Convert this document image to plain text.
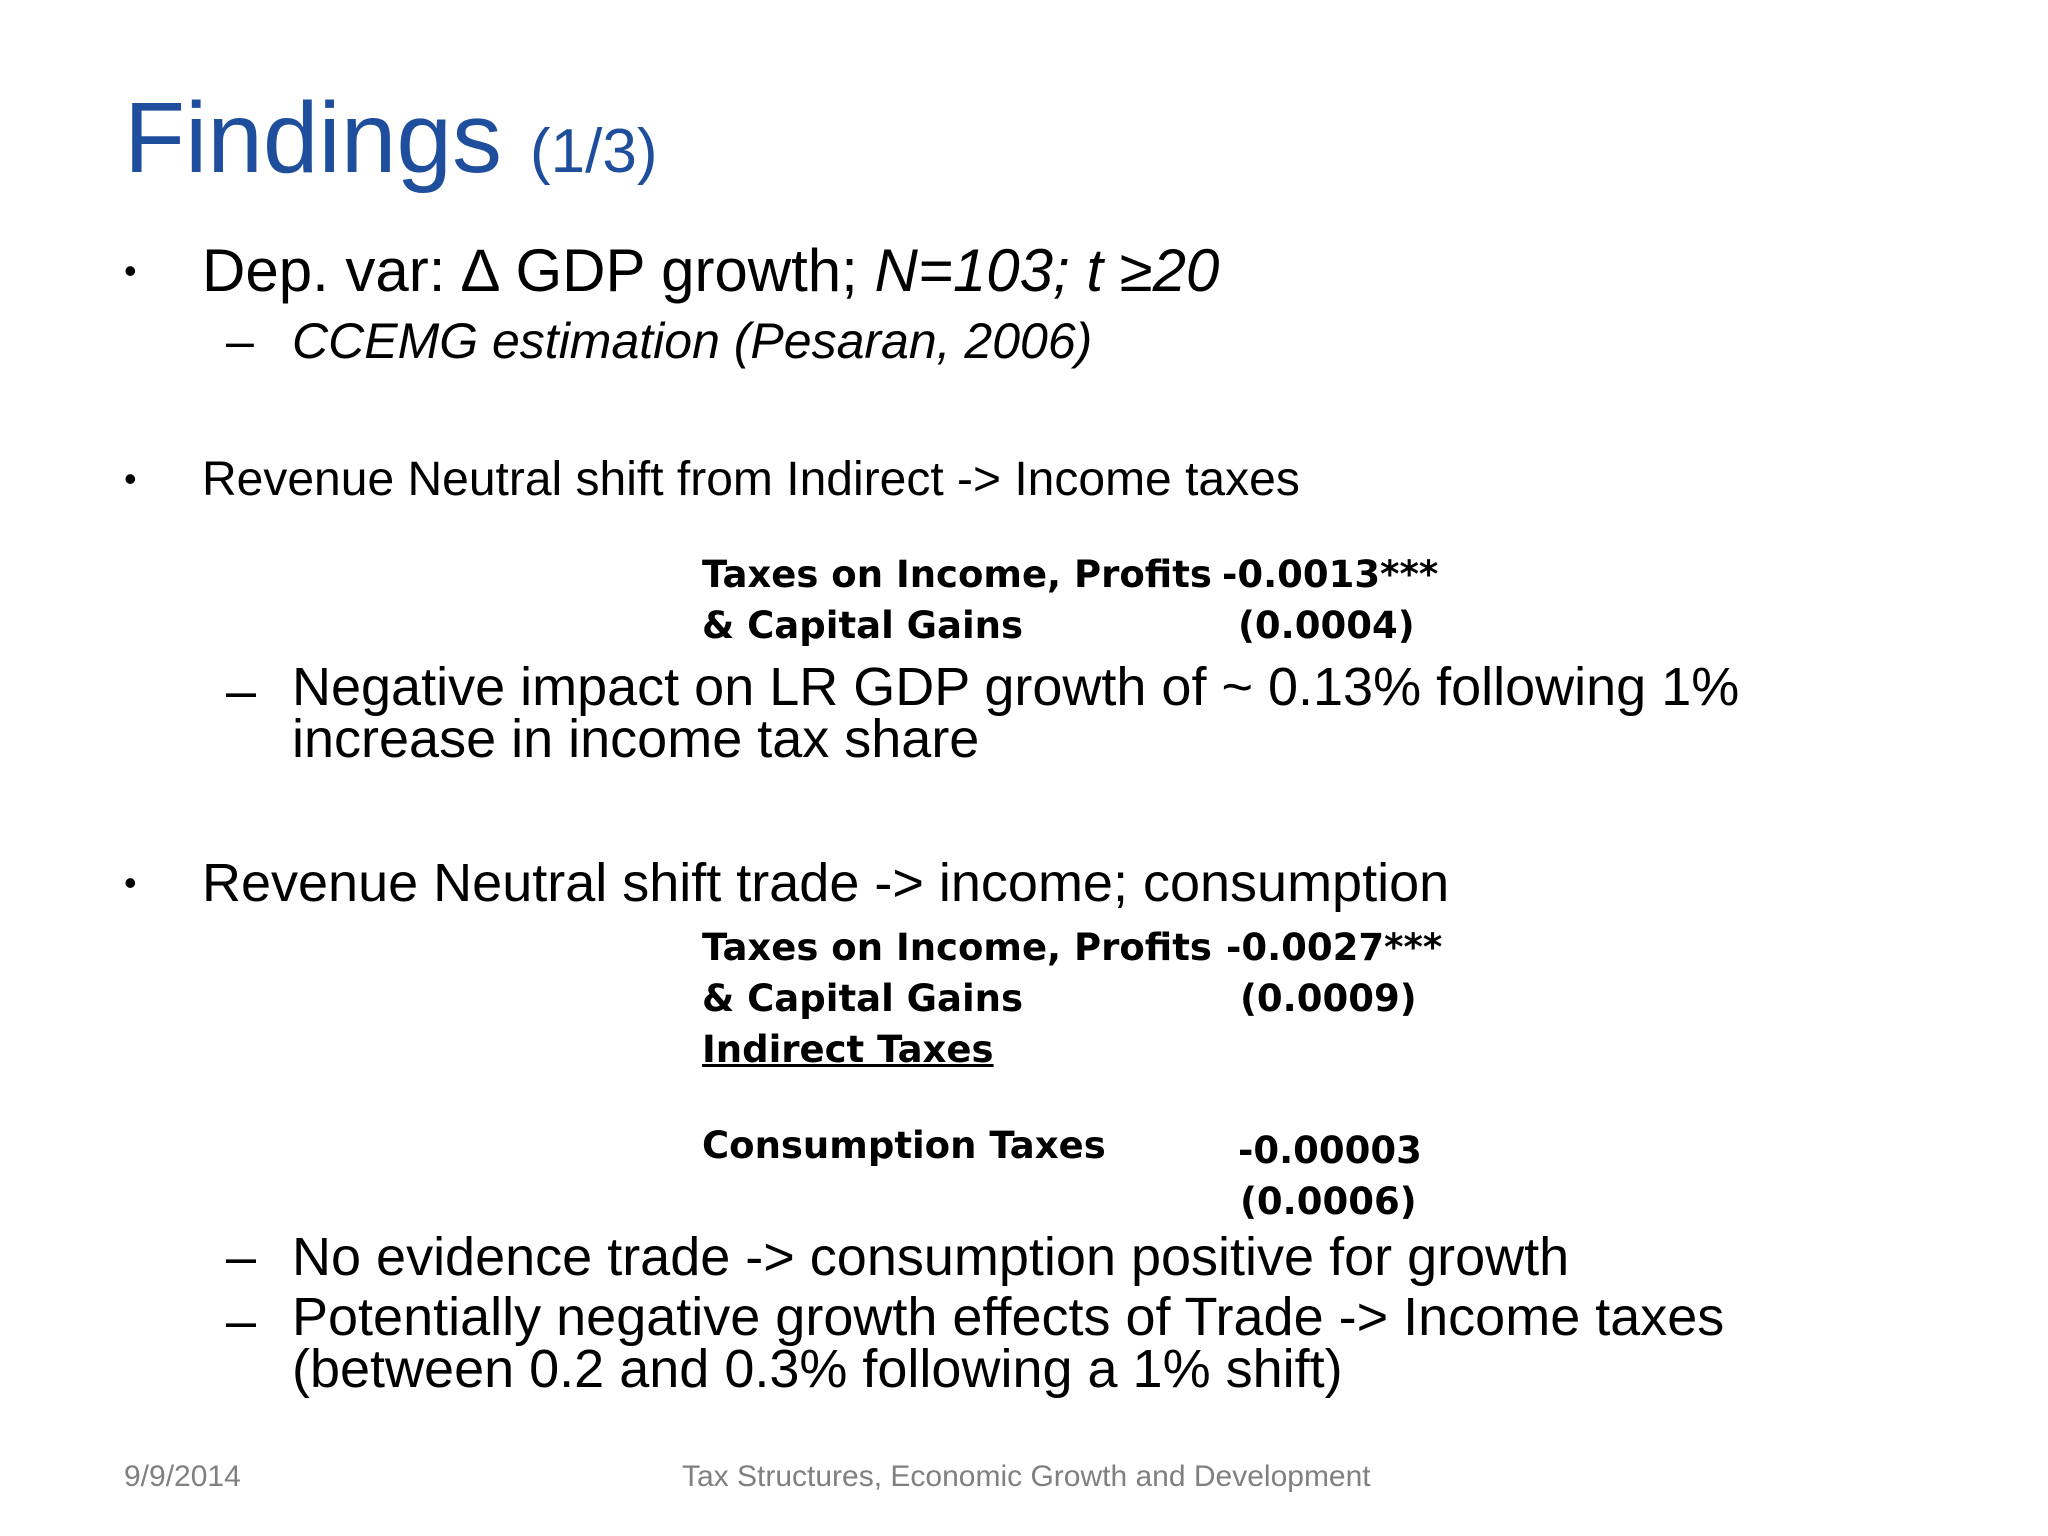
Findings (1/3)
• Dep. var: ∆ GDP growth; N=103; t ≥20
– CCEMG estimation (Pesaran, 2006)
• Revenue Neutral shift from Indirect -> Income taxes
Taxes on Income, Profits -0.0013***
& Capital Gains	(0.0004)
– Negative impact on LR GDP growth of ~ 0.13% following 1%
increase in income tax share
• Revenue Neutral shift trade -> income; consumption
Taxes on Income, Profits -0.0027***
& Capital Gains	(0.0009)
Indirect Taxes
Consumption Taxes	-0.00003
(0.0006)
– No evidence trade -> consumption positive for growth
– Potentially negative growth effects of Trade -> Income taxes
(between 0.2 and 0.3% following a 1% shift)
9/9/2014	Tax Structures, Economic Growth and Development
